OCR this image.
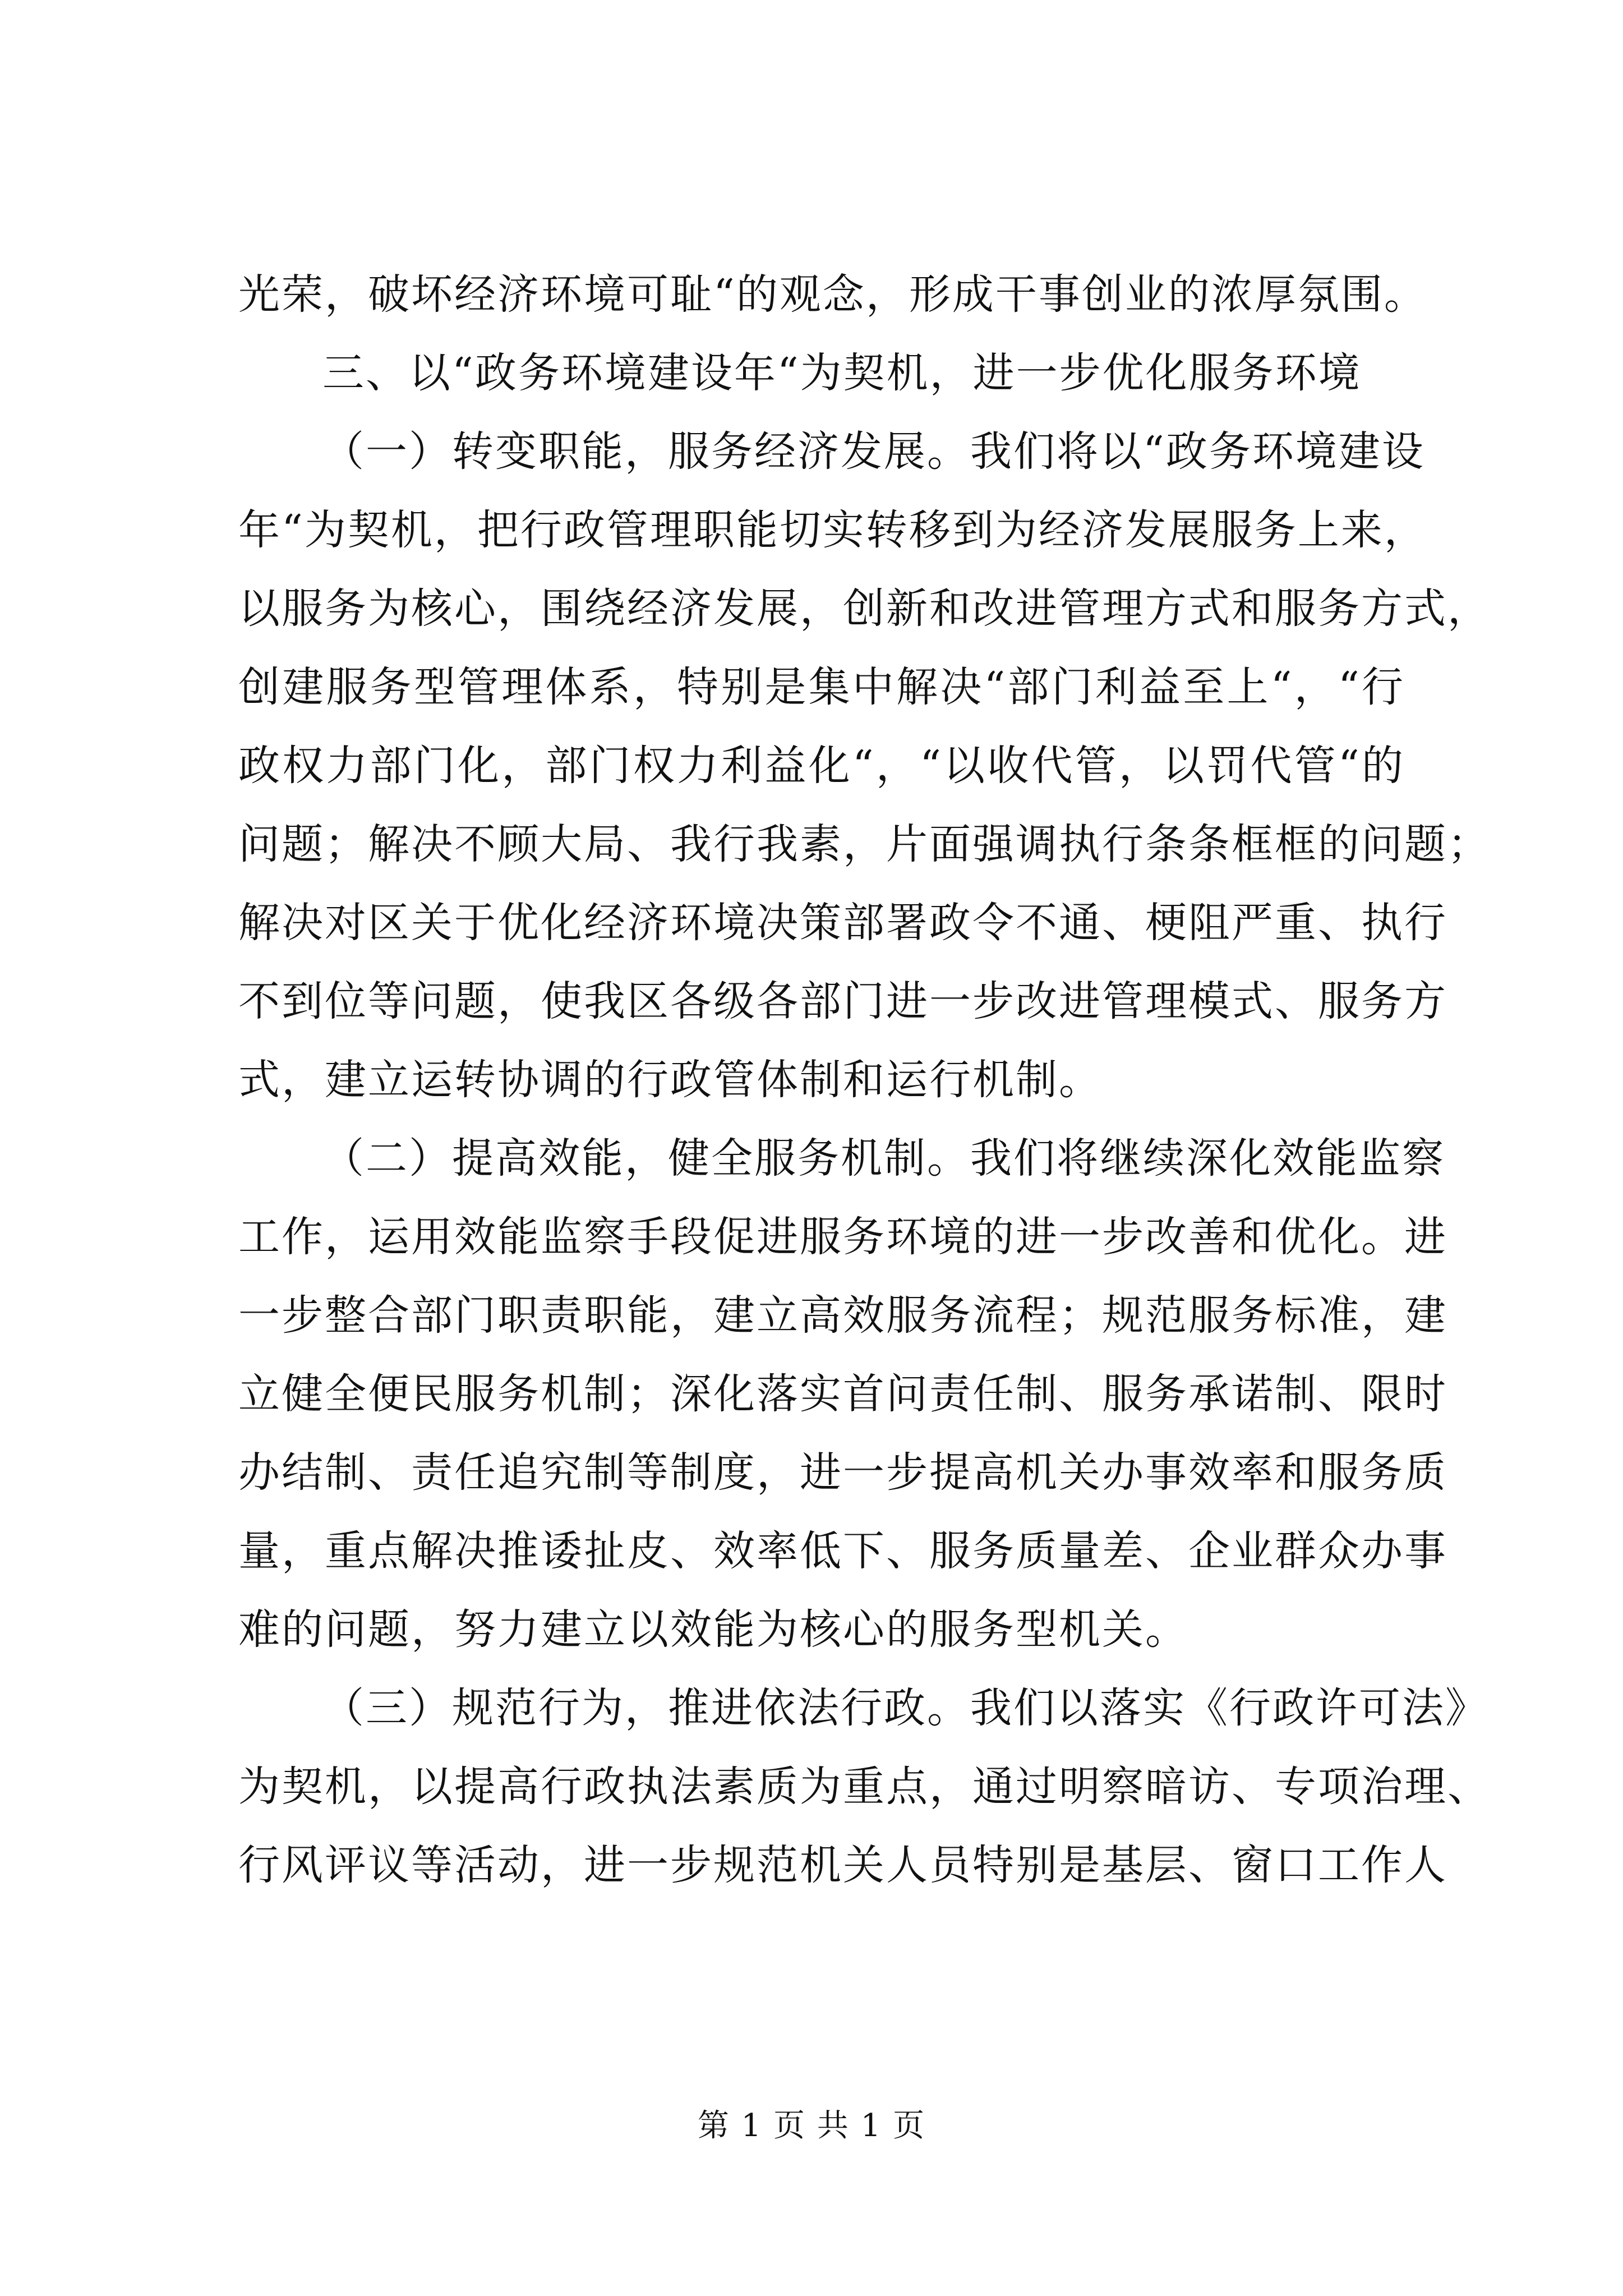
光荣，破坏经济环境可耻“的观念，形成干事创业的浓厚氛围。
三、以“政务环境建设年“为契机，进一步优化服务环境
（一）转变职能，服务经济发展。我们将以“政务环境建设
年“为契机，把行政管理职能切实转移到为经济发展服务上来，
以服务为核心，围绕经济发展，创新和改进管理方式和服务方式，
创建服务型管理体系，特别是集中解决“部门利益至上“，“行
政权力部门化，部门权力利益化“，“以收代管，以罚代管“的
问题；解决不顾大局、我行我素，片面强调执行条条框框的问题；
解决对区关于优化经济环境决策部署政令不通、梗阻严重、执行
不到位等问题，使我区各级各部门进一步改进管理模式、服务方
式，建立运转协调的行政管体制和运行机制。
（二）提高效能，健全服务机制。我们将继续深化效能监察
工作，运用效能监察手段促进服务环境的进一步改善和优化。进
一步整合部门职责职能，建立高效服务流程；规范服务标准，建
立健全便民服务机制；深化落实首问责任制、服务承诺制、限时
办结制、责任追究制等制度，进一步提高机关办事效率和服务质
量，重点解决推诿扯皮、效率低下、服务质量差、企业群众办事
难的问题，努力建立以效能为核心的服务型机关。
（三）规范行为，推进依法行政。我们以落实《行政许可法》
为契机，以提高行政执法素质为重点，通过明察暗访、专项治理、
行风评议等活动，进一步规范机关人员特别是基层、窗口工作人
第 1 页 共 1 页
